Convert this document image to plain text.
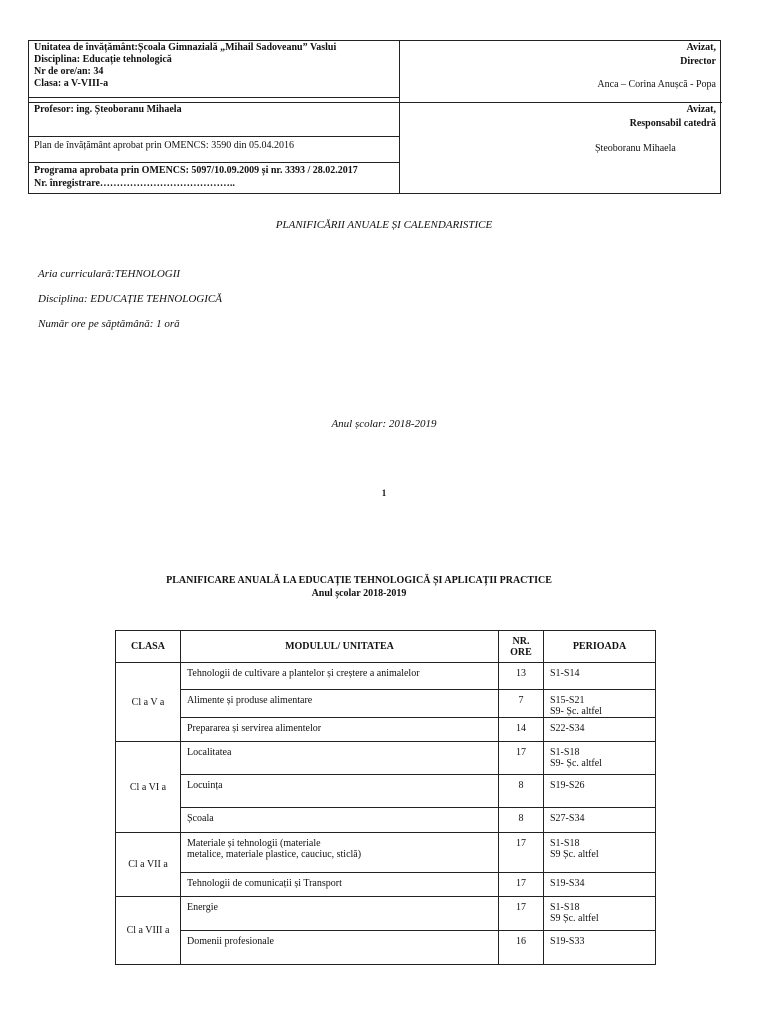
Unitatea de învățământ:Școala Gimnazială „Mihail Sadoveanu” Vaslui
Disciplina: Educație tehnologică
Nr de ore/an: 34
Clasa: a V-VIII-a
Avizat,
Director
Anca – Corina Anușcă - Popa
Profesor: ing. Șteoboranu Mihaela	Avizat,
Responsabil catedră
Șteoboranu Mihaela
Plan de învățământ aprobat prin OMENCS: 3590 din 05.04.2016
Programa aprobata prin OMENCS: 5097/10.09.2009 și nr. 3393 / 28.02.2017
Nr. înregistrare…………………………………..
PLANIFICĂRII ANUALE ȘI CALENDARISTICE
Aria curriculară:TEHNOLOGII
Disciplina: EDUCAȚIE TEHNOLOGICĂ
Număr ore pe săptămână: 1 oră
Anul școlar: 2018-2019
1
PLANIFICARE ANUALĂ LA EDUCAȚIE TEHNOLOGICĂ ȘI APLICAȚII PRACTICE
Anul școlar 2018-2019
CLASA	MODULUL/ UNITATEA	NR. ORE	PERIOADA
Cl a V a	Tehnologii de cultivare a plantelor și creștere a animalelor	13	S1-S14
	Alimente și produse alimentare	7	S15-S21
S9- Șc. altfel
	Prepararea și servirea alimentelor	14	S22-S34
Cl a VI a	Localitatea	17	S1-S18
S9- Șc. altfel
	Locuința	8	S19-S26
	Școala	8	S27-S34
Cl a VII a	Materiale și tehnologii (materiale
metalice, materiale plastice, cauciuc, sticlă)	17	S1-S18
S9 Șc. altfel
	Tehnologii de comunicații și Transport	17	S19-S34
Cl a VIII a	Energie	17	S1-S18
S9 Șc. altfel
	Domenii profesionale	16	S19-S33
